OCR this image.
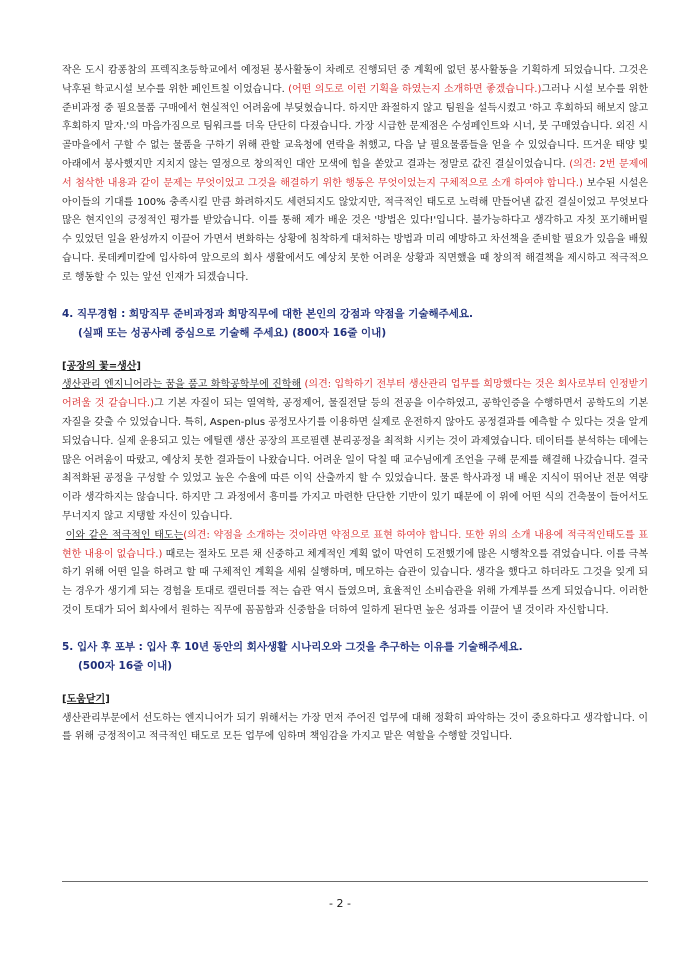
작은 도시 캄퐁참의 프렉직초등학교에서 예정된 봉사활동이 차례로 진행되던 중 계획에 없던 봉사활동을 기획하게 되었습니다. 그것은 낙후된 학교시설 보수를 위한 페인트칠 이었습니다. (어떤 의도로 이런 기획을 하였는지 소개하면 좋겠습니다.)그러나 시설 보수를 위한 준비과정 중 필요물품 구매에서 현실적인 어려움에 부딪혔습니다. 하지만 좌절하지 않고 팀원을 설득시켰고 '하고 후회하되 해보지 않고 후회하지 말자.'의 마음가짐으로 팀워크를 더욱 단단히 다졌습니다. 가장 시급한 문제점은 수성페인트와 시너, 붓 구매였습니다. 외진 시골마을에서 구할 수 없는 물품을 구하기 위해 관할 교육청에 연락을 취했고, 다음 날 필요물품들을 얻을 수 있었습니다. 뜨거운 태양 빛 아래에서 봉사했지만 지치지 않는 열정으로 창의적인 대안 모색에 힘을 쏟았고 결과는 정말로 값진 결실이었습니다. (의견: 2번 문제에서 첨삭한 내용과 같이 문제는 무엇이었고 그것을 해결하기 위한 행동은 무엇이었는지 구체적으로 소개 하여야 합니다.) 보수된 시설은 아이들의 기대를 100% 충족시킬 만큼 화려하지도 세련되지도 않았지만, 적극적인 태도로 노력해 만들어낸 값진 결실이었고 무엇보다 많은 현지인의 긍정적인 평가를 받았습니다. 이를 통해 제가 배운 것은 '방법은 있다!'입니다. 불가능하다고 생각하고 자칫 포기해버릴 수 있었던 일을 완성까지 이끌어 가면서 변화하는 상황에 침착하게 대처하는 방법과 미리 예방하고 차선책을 준비할 필요가 있음을 배웠습니다. 롯데케미칼에 입사하여 앞으로의 회사 생활에서도 예상치 못한 어려운 상황과 직면했을 때 창의적 해결책을 제시하고 적극적으로 행동할 수 있는 앞선 인재가 되겠습니다.

4. 직무경험 : 희망직무 준비과정과 희망직무에 대한 본인의 강점과 약점을 기술해주세요.
(실패 또는 성공사례 중심으로 기술해 주세요) (800자 16줄 이내)

[공장의 꽃=생산]

생산관리 엔지니어라는 꿈을 품고 화학공학부에 진학해 (의견: 입학하기 전부터 생산관리 업무를 희망했다는 것은 회사로부터 인정받기 어려울 것 같습니다.)그 기본 자질이 되는 열역학, 공정제어, 물질전달 등의 전공을 이수하였고, 공학인증을 수행하면서 공학도의 기본 자질을 갖출 수 있었습니다. 특히, Aspen-plus 공정모사기를 이용하면 실제로 운전하지 않아도 공정결과를 예측할 수 있다는 것을 알게 되었습니다. 실제 운용되고 있는 에틸렌 생산 공장의 프로필렌 분리공정을 최적화 시키는 것이 과제였습니다. 데이터를 분석하는 데에는 많은 어려움이 따랐고, 예상치 못한 결과들이 나왔습니다. 어려운 일이 닥칠 때 교수님에게 조언을 구해 문제를 해결해 나갔습니다. 결국 최적화된 공정을 구성할 수 있었고 높은 수율에 따른 이익 산출까지 할 수 있었습니다. 물론 학사과정 내 배운 지식이 뛰어난 전문 역량이라 생각하지는 않습니다. 하지만 그 과정에서 흥미를 가지고 마련한 단단한 기반이 있기 때문에 이 위에 어떤 식의 건축물이 들어서도 무너지지 않고 지탱할 자신이 있습니다.

이와 같은 적극적인 태도는(의견: 약점을 소개하는 것이라면 약점으로 표현 하여야 합니다. 또한 위의 소개 내용에 적극적인태도를 표현한 내용이 없습니다.) 때로는 절차도 모른 채 신중하고 체계적인 계획 없이 막연히 도전했기에 많은 시행착오를 겪었습니다. 이를 극복하기 위해 어떤 일을 하려고 할 때 구체적인 계획을 세워 실행하며, 메모하는 습관이 있습니다. 생각을 했다고 하더라도 그것을 잊게 되는 경우가 생기게 되는 경험을 토대로 캘린더를 적는 습관 역시 들였으며, 효율적인 소비습관을 위해 가계부를 쓰게 되었습니다. 이러한 것이 토대가 되어 회사에서 원하는 직무에 꼼꼼함과 신중함을 더하여 일하게 된다면 높은 성과를 이끌어 낼 것이라 자신합니다.

5. 입사 후 포부 : 입사 후 10년 동안의 회사생활 시나리오와 그것을 추구하는 이유를 기술해주세요.
(500자 16줄 이내)

[도움닫기]

생산관리부문에서 선도하는 엔지니어가 되기 위해서는 가장 먼저 주어진 업무에 대해 정확히 파악하는 것이 중요하다고 생각합니다. 이를 위해 긍정적이고 적극적인 태도로 모든 업무에 임하며 책임감을 가지고 맡은 역할을 수행할 것입니다.

- 2 -
